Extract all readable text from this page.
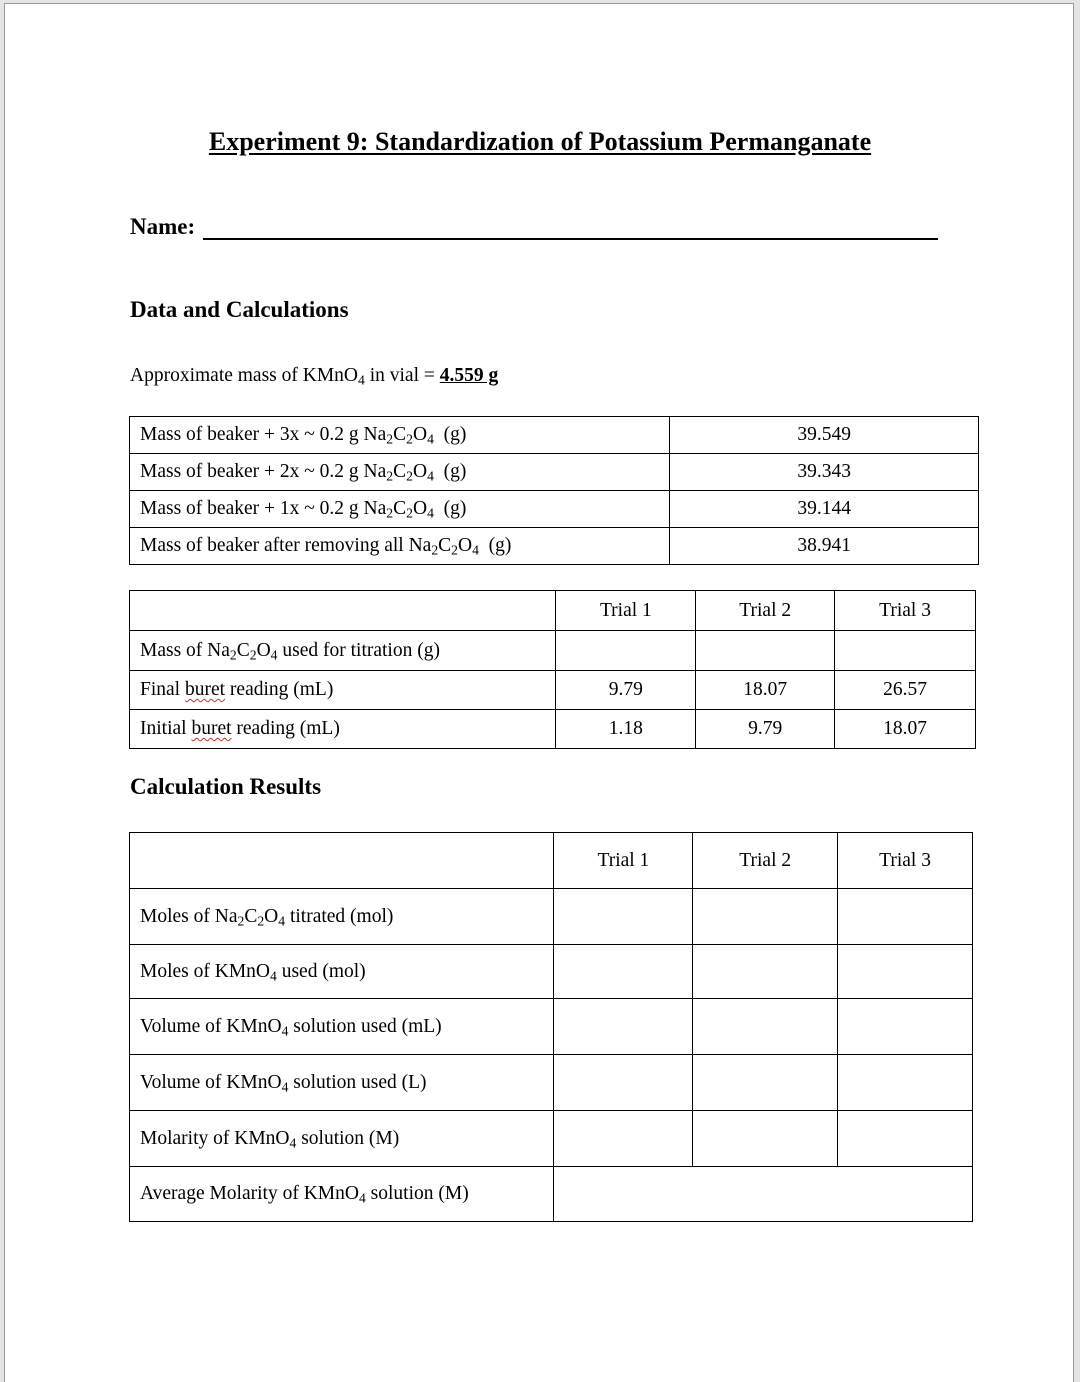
Experiment 9: Standardization of Potassium Permanganate
Name:
Data and Calculations
Approximate mass of KMnO$_4$ in vial = 4.559 g
Mass of beaker + 3x ~ 0.2 g $Na_2C_2O_4$ (g)	39.549
Mass of beaker + 2x ~ 0.2 g $Na_2C_2O_4$ (g)	39.343
Mass of beaker + 1x ~ 0.2 g $Na_2C_2O_4$ (g)	39.144
Mass of beaker after removing all $Na_2C_2O_4$ (g)	38.941
	Trial 1	Trial 2	Trial 3
Mass of $Na_2C_2O_4$ used for titration (g)			
Final buret reading (mL)	9.79	18.07	26.57
Initial buret reading (mL)	1.18	9.79	18.07
Calculation Results
	Trial 1	Trial 2	Trial 3
Moles of $Na_2C_2O_4$ titrated (mol)			
Moles of KMnO$_4$ used (mol)			
Volume of KMnO$_4$ solution used (mL)			
Volume of KMnO$_4$ solution used (L)			
Molarity of KMnO$_4$ solution (M)			
Average Molarity of KMnO$_4$ solution (M)			
